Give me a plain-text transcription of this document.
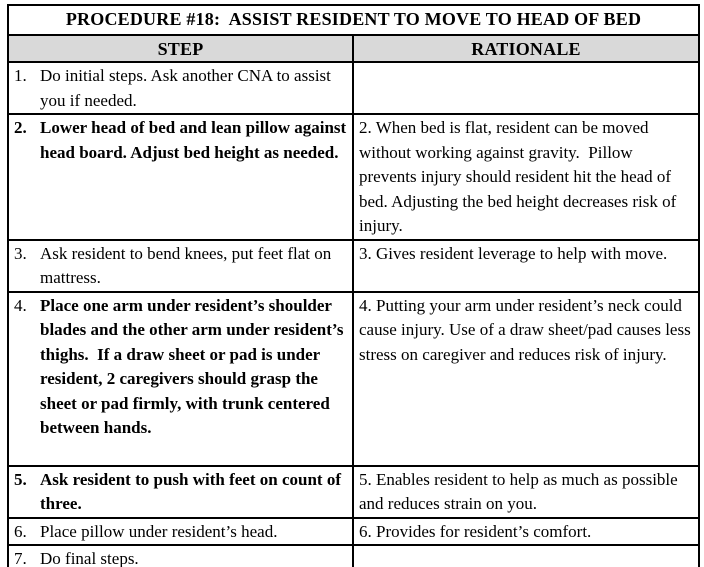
PROCEDURE #18:  ASSIST RESIDENT TO MOVE TO HEAD OF BED	
STEP	RATIONALE

1. Do initial steps. Ask another CNA to assist you if needed.	

2. Lower head of bed and lean pillow against head board. Adjust bed height as needed.	2. When bed is flat, resident can be moved without working against gravity.  Pillow prevents injury should resident hit the head of bed. Adjusting the bed height decreases risk of injury.

3. Ask resident to bend knees, put feet flat on mattress.	3. Gives resident leverage to help with move.

4. Place one arm under resident’s shoulder blades and the other arm under resident’s thighs.  If a draw sheet or pad is under resident, 2 caregivers should grasp the sheet or pad firmly, with trunk centered between hands.	4. Putting your arm under resident’s neck could cause injury. Use of a draw sheet/pad causes less stress on caregiver and reduces risk of injury.

5. Ask resident to push with feet on count of three.	5. Enables resident to help as much as possible and reduces strain on you.

6. Place pillow under resident’s head.	6. Provides for resident’s comfort.

7. Do final steps.	
